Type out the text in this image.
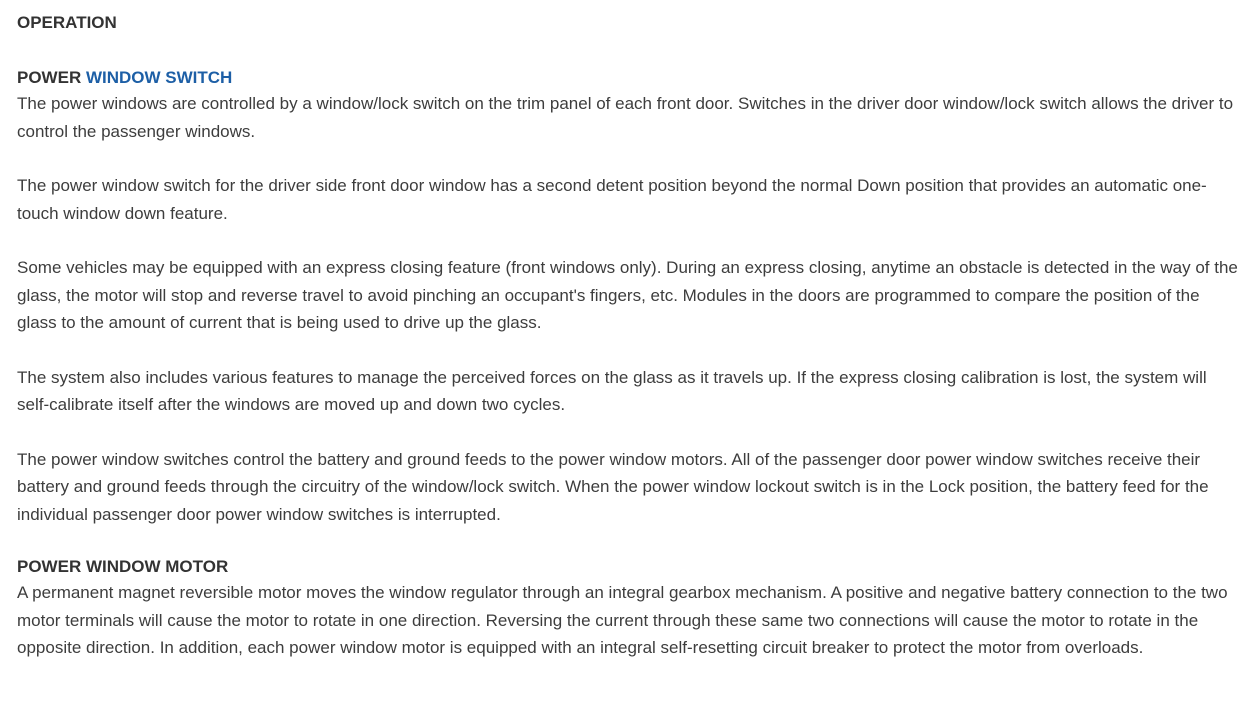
OPERATION
POWER WINDOW SWITCH

The power windows are controlled by a window/lock switch on the trim panel of each front door. Switches in the driver door window/lock switch allows the driver to control the passenger windows.

The power window switch for the driver side front door window has a second detent position beyond the normal Down position that provides an automatic one-touch window down feature.

Some vehicles may be equipped with an express closing feature (front windows only). During an express closing, anytime an obstacle is detected in the way of the glass, the motor will stop and reverse travel to avoid pinching an occupant's fingers, etc. Modules in the doors are programmed to compare the position of the glass to the amount of current that is being used to drive up the glass.

The system also includes various features to manage the perceived forces on the glass as it travels up. If the express closing calibration is lost, the system will self-calibrate itself after the windows are moved up and down two cycles.

The power window switches control the battery and ground feeds to the power window motors. All of the passenger door power window switches receive their battery and ground feeds through the circuitry of the window/lock switch. When the power window lockout switch is in the Lock position, the battery feed for the individual passenger door power window switches is interrupted.

POWER WINDOW MOTOR

A permanent magnet reversible motor moves the window regulator through an integral gearbox mechanism. A positive and negative battery connection to the two motor terminals will cause the motor to rotate in one direction. Reversing the current through these same two connections will cause the motor to rotate in the opposite direction. In addition, each power window motor is equipped with an integral self-resetting circuit breaker to protect the motor from overloads.
